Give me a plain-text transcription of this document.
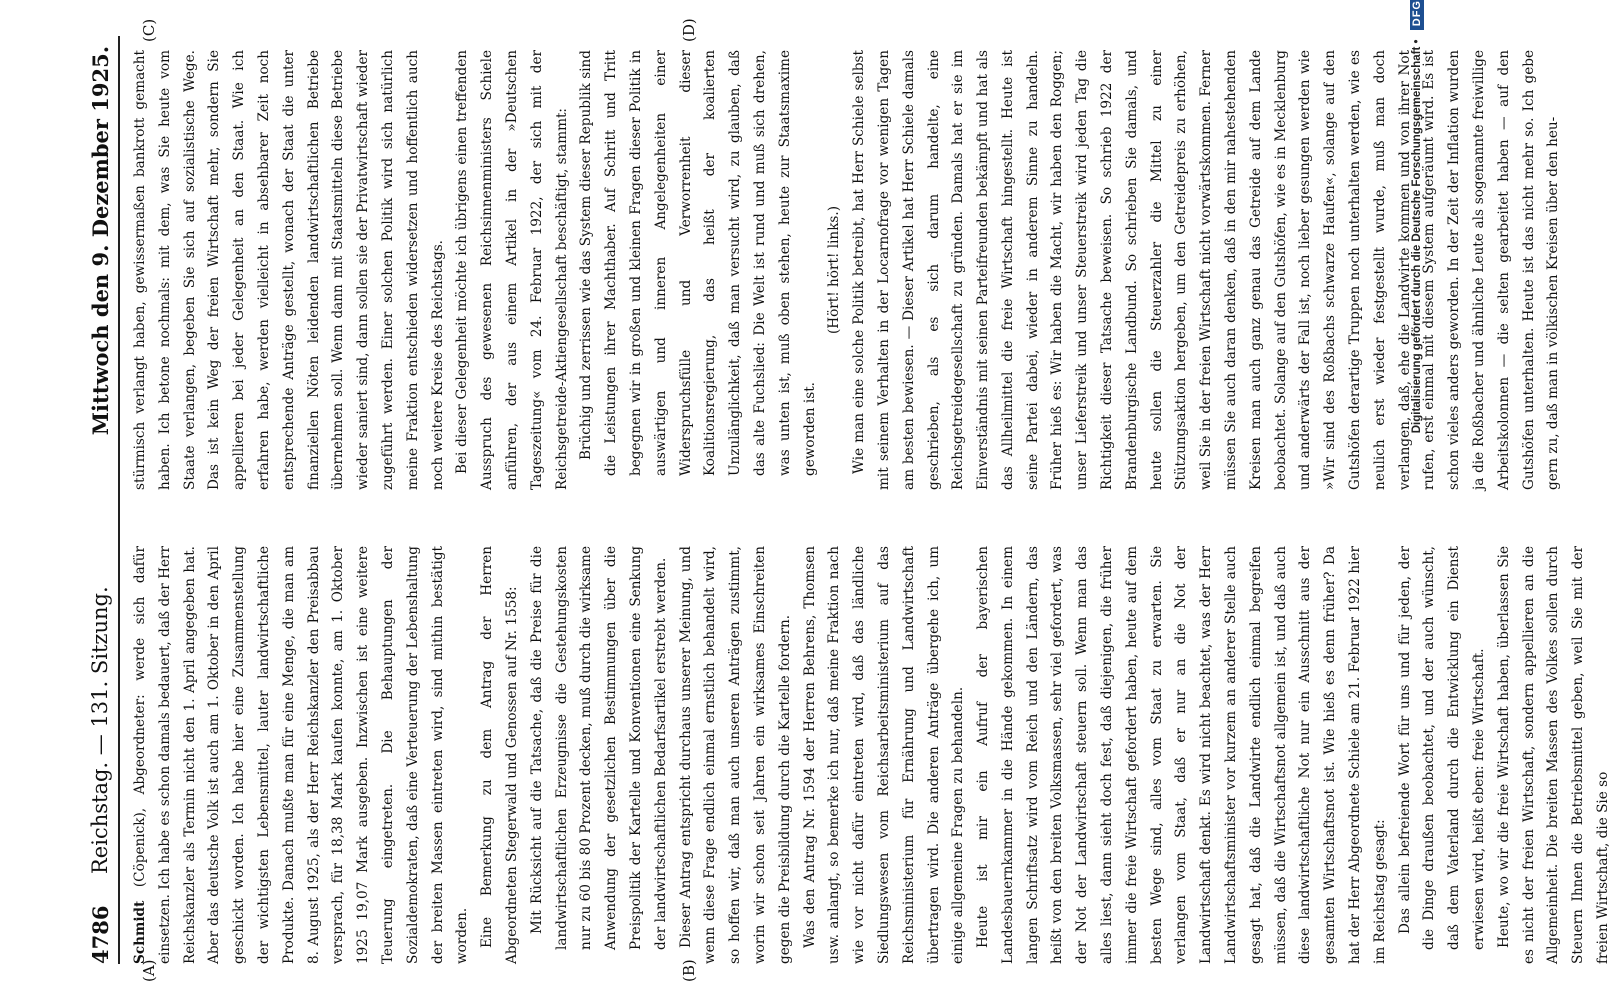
4786
Reichstag. — 131. Sitzung.
Mittwoch den 9. Dezember 1925.
(A)	(B)
(C)	(D)

Schmidt (Cöpenick), Abgeordneter: werde sich dafür einsetzen. Ich habe es schon damals bedauert, daß der Herr Reichskanzler als Termin nicht den 1. April angegeben hat. Aber das deutsche Volk ist auch am 1. Oktober in den April geschickt worden. Ich habe hier eine Zusammenstellung der wichtigsten Lebensmittel, lauter landwirtschaftliche Produkte. Danach mußte man für eine Menge, die man am 8. August 1925, als der Herr Reichskanzler den Preisabbau versprach, für 18,38 Mark kaufen konnte, am 1. Oktober 1925 19,07 Mark ausgeben. Inzwischen ist eine weitere Teuerung eingetreten. Die Behauptungen der Sozialdemokraten, daß eine Verteuerung der Lebenshaltung der breiten Massen eintreten wird, sind mithin bestätigt worden. Eine Bemerkung zu dem Antrag der Herren Abgeordneten Stegerwald und Genossen auf Nr. 1558: Mit Rücksicht auf die Tatsache, daß die Preise für die landwirtschaftlichen Erzeugnisse die Gestehungskosten nur zu 60 bis 80 Prozent decken, muß durch die wirksame Anwendung der gesetzlichen Bestimmungen über die Preispolitik der Kartelle und Konventionen eine Senkung der landwirtschaftlichen Bedarfsartikel erstrebt werden. Dieser Antrag entspricht durchaus unserer Meinung, und wenn diese Frage endlich einmal ernstlich behandelt wird, so hoffen wir, daß man auch unseren Anträgen zustimmt, worin wir schon seit Jahren ein wirksames Einschreiten gegen die Preisbildung durch die Kartelle fordern. Was den Antrag Nr. 1594 der Herren Behrens, Thomsen usw. anlangt, so bemerke ich nur, daß meine Fraktion nach wie vor nicht dafür eintreten wird, daß das ländliche Siedlungswesen vom Reichsarbeitsministerium auf das Reichsministerium für Ernährung und Landwirtschaft übertragen wird. Die anderen Anträge übergehe ich, um einige allgemeine Fragen zu behandeln. Heute ist mir ein Aufruf der bayerischen Landesbauernkammer in die Hände gekommen. In einem langen Schriftsatz wird vom Reich und den Ländern, das heißt von den breiten Volksmassen, sehr viel gefordert, was der Not der Landwirtschaft steuern soll. Wenn man das alles liest, dann sieht doch fest, daß diejenigen, die früher immer die freie Wirtschaft gefordert haben, heute auf dem besten Wege sind, alles vom Staat zu erwarten. Sie verlangen vom Staat, daß er nur an die Not der Landwirtschaft denkt. Es wird nicht beachtet, was der Herr Landwirtschaftsminister vor kurzem an anderer Stelle auch gesagt hat, daß die Landwirte endlich einmal begreifen müssen, daß die Wirtschaftsnot allgemein ist, und daß auch diese landwirtschaftliche Not nur ein Ausschnitt aus der gesamten Wirtschaftsnot ist. Wie hieß es denn früher? Da hat der Herr Abgeordnete Schiele am 21. Februar 1922 hier im Reichstag gesagt: Das allein befreiende Wort für uns und für jeden, der die Dinge draußen beobachtet, und der auch wünscht, daß dem Vaterland durch die Entwicklung ein Dienst erwiesen wird, heißt eben: freie Wirtschaft. Heute, wo wir die freie Wirtschaft haben, überlassen Sie es nicht der freien Wirtschaft, sondern appellieren an die Allgemeinheit. Die breiten Massen des Volkes sollen durch Steuern Ihnen die Betriebsmittel geben, weil Sie mit der freien Wirtschaft, die Sie so

stürmisch verlangt haben, gewissermaßen bankrott gemacht haben. Ich betone nochmals: mit dem, was Sie heute vom Staate verlangen, begeben Sie sich auf sozialistische Wege. Das ist kein Weg der freien Wirtschaft mehr, sondern Sie appellieren bei jeder Gelegenheit an den Staat. Wie ich erfahren habe, werden vielleicht in absehbarer Zeit noch entsprechende Anträge gestellt, wonach der Staat die unter finanziellen Nöten leidenden landwirtschaftlichen Betriebe übernehmen soll. Wenn dann mit Staatsmitteln diese Betriebe wieder saniert sind, dann sollen sie der Privatwirtschaft wieder zugeführt werden. Einer solchen Politik wird sich natürlich meine Fraktion entschieden widersetzen und hoffentlich auch noch weitere Kreise des Reichstags. Bei dieser Gelegenheit möchte ich übrigens einen treffenden Ausspruch des gewesenen Reichsinnenministers Schiele anführen, der aus einem Artikel in der »Deutschen Tageszeitung« vom 24. Februar 1922, der sich mit der Reichsgetreide-Aktiengesellschaft beschäftigt, stammt: Brüchig und zerrissen wie das System dieser Republik sind die Leistungen ihrer Machthaber. Auf Schritt und Tritt begegnen wir in großen und kleinen Fragen dieser Politik in auswärtigen und inneren Angelegenheiten einer Widerspruchsfülle und Verworrenheit dieser Koalitionsregierung, das heißt der koalierten Unzulänglichkeit, daß man versucht wird, zu glauben, daß das alte Fuchslied: Die Welt ist rund und muß sich drehen, was unten ist, muß oben stehen, heute zur Staatsmaxime geworden ist.

(Hört! hört! links.) Wie man eine solche Politik betreibt, hat Herr Schiele selbst mit seinem Verhalten in der Locarnofrage vor wenigen Tagen am besten bewiesen. — Dieser Artikel hat Herr Schiele damals geschrieben, als es sich darum handelte, eine Reichsgetreidegesellschaft zu gründen. Damals hat er sie im Einverständnis mit seinen Parteifreunden bekämpft und hat als das Allheilmittel die freie Wirtschaft hingestellt. Heute ist seine Partei dabei, wieder in anderem Sinne zu handeln. Früher hieß es: Wir haben die Macht, wir haben den Roggen; unser Lieferstreik und unser Steuerstreik wird jeden Tag die Richtigkeit dieser Tatsache beweisen. So schrieb 1922 der Brandenburgische Landbund. So schrieben Sie damals, und heute sollen die Steuerzahler die Mittel zu einer Stützungsaktion hergeben, um den Getreidepreis zu erhöhen, weil Sie in der freien Wirtschaft nicht vorwärtskommen. Ferner müssen Sie auch daran denken, daß in den mir nahestehenden Kreisen man auch ganz genau das Getreide auf dem Lande beobachtet. Solange auf den Gutshöfen, wie es in Mecklenburg und anderwärts der Fall ist, noch lieber gesungen werden wie »Wir sind des Roßbachs schwarze Haufen«, solange auf den Gutshöfen derartige Truppen noch unterhalten werden, wie es neulich erst wieder festgestellt wurde, muß man doch verlangen, daß, ehe die Landwirte kommen und von ihrer Not rufen, erst einmal mit diesem System aufgeräumt wird. Es ist schon vieles anders geworden. In der Zeit der Inflation wurden ja die Roßbacher und ähnliche Leute als sogenannte freiwillige Arbeitskolonnen — die selten gearbeitet haben — auf den Gutshöfen unterhalten. Heute ist das nicht mehr so. Ich gebe gern zu, daß man in völkischen Kreisen über den heu-

Digitalisierung gefördert durch die Deutsche Forschungsgemeinschaft • DFG
